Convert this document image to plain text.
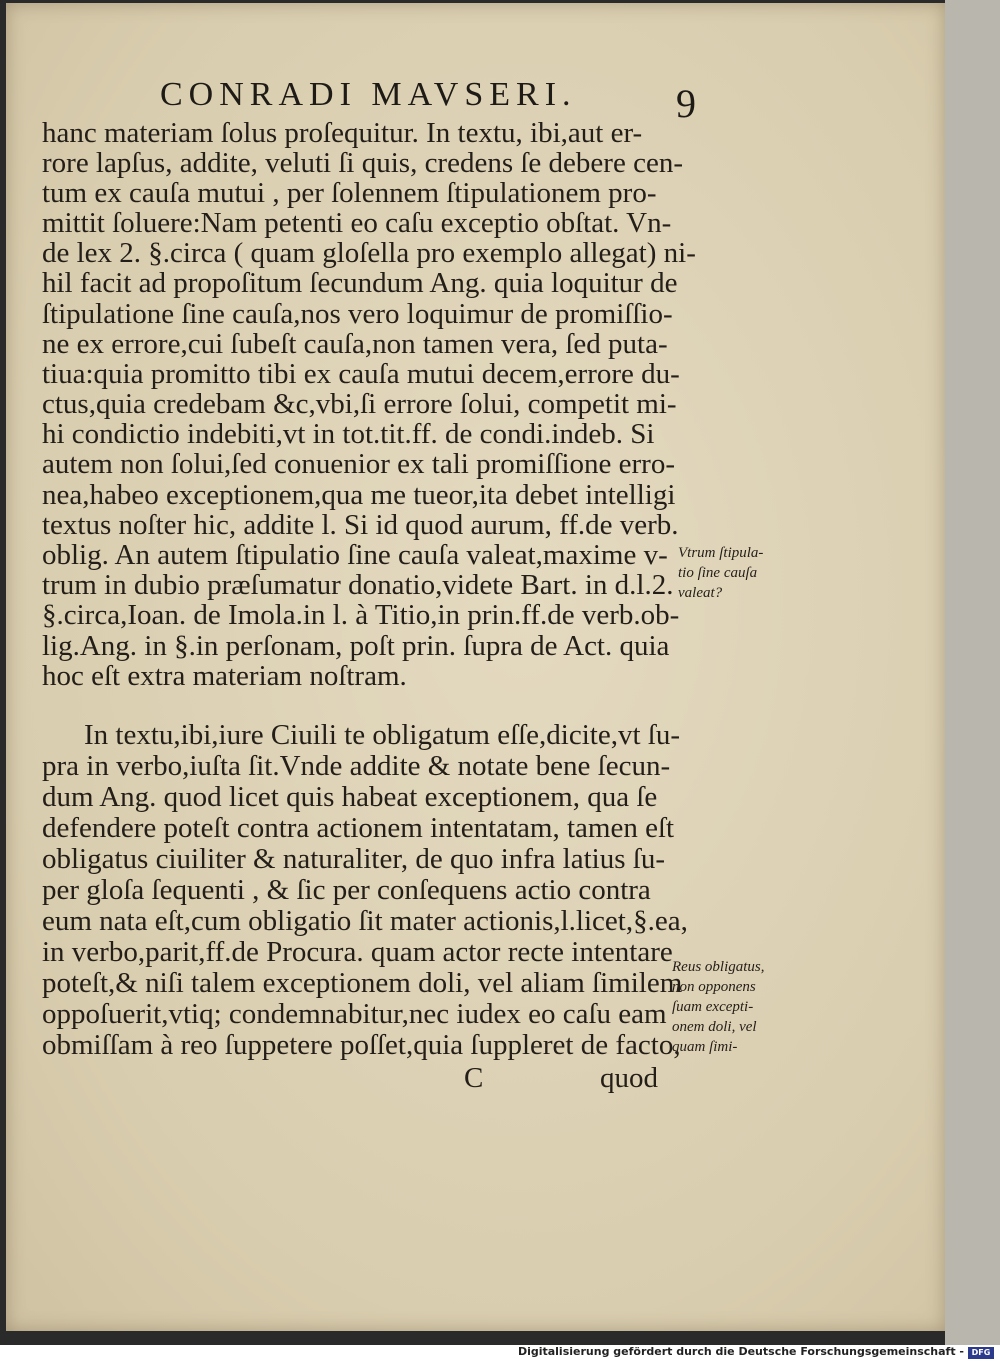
CONRADI MAVSERI. 9
hanc materiam ſolus proſequitur. In textu, ibi,aut er-
rore lapſus, addite, veluti ſi quis, credens ſe debere cen-
tum ex cauſa mutui , per ſolennem ſtipulationem pro-
mittit ſoluere:Nam petenti eo caſu exceptio obſtat. Vn-
de lex 2. §.circa ( quam gloſella pro exemplo allegat) ni-
hil facit ad propoſitum ſecundum Ang. quia loquitur de
ſtipulatione ſine cauſa,nos vero loquimur de promiſſio-
ne ex errore,cui ſubeſt cauſa,non tamen vera, ſed puta-
tiua:quia promitto tibi ex cauſa mutui decem,errore du-
ctus,quia credebam &c,vbi,ſi errore ſolui, competit mi-
hi condictio indebiti,vt in tot.tit.ff. de condi.indeb. Si
autem non ſolui,ſed conuenior ex tali promiſſione erro-
nea,habeo exceptionem,qua me tueor,ita debet intelligi
textus noſter hic, addite l. Si id quod aurum, ff.de verb.
oblig. An autem ſtipulatio ſine cauſa valeat,maxime v-
trum in dubio præſumatur donatio,videte Bart. in d.l.2.
§.circa,Ioan. de Imola.in l. à Titio,in prin.ff.de verb.ob-
lig.Ang. in §.in perſonam, poſt prin. ſupra de Act. quia
hoc eſt extra materiam noſtram.
In textu,ibi,iure Ciuili te obligatum eſſe,dicite,vt ſu-
pra in verbo,iuſta ſit.Vnde addite & notate bene ſecun-
dum Ang. quod licet quis habeat exceptionem, qua ſe
defendere poteſt contra actionem intentatam, tamen eſt
obligatus ciuiliter & naturaliter, de quo infra latius ſu-
per gloſa ſequenti , & ſic per conſequens actio contra
eum nata eſt,cum obligatio ſit mater actionis,l.licet,§.ea,
in verbo,parit,ff.de Procura. quam actor recte intentare
poteſt,& niſi talem exceptionem doli, vel aliam ſimilem
oppoſuerit,vtiq; condemnabitur,nec iudex eo caſu eam
obmiſſam à reo ſuppetere poſſet,quia ſuppleret de facto,
Vtrum ſtipula-
tio ſine cauſa
valeat?
Reus obligatus,
non opponens
ſuam excepti-
onem doli, vel
quam ſimi-
C	quod
Digitalisierung gefördert durch die Deutsche Forschungsgemeinschaft - DFG
